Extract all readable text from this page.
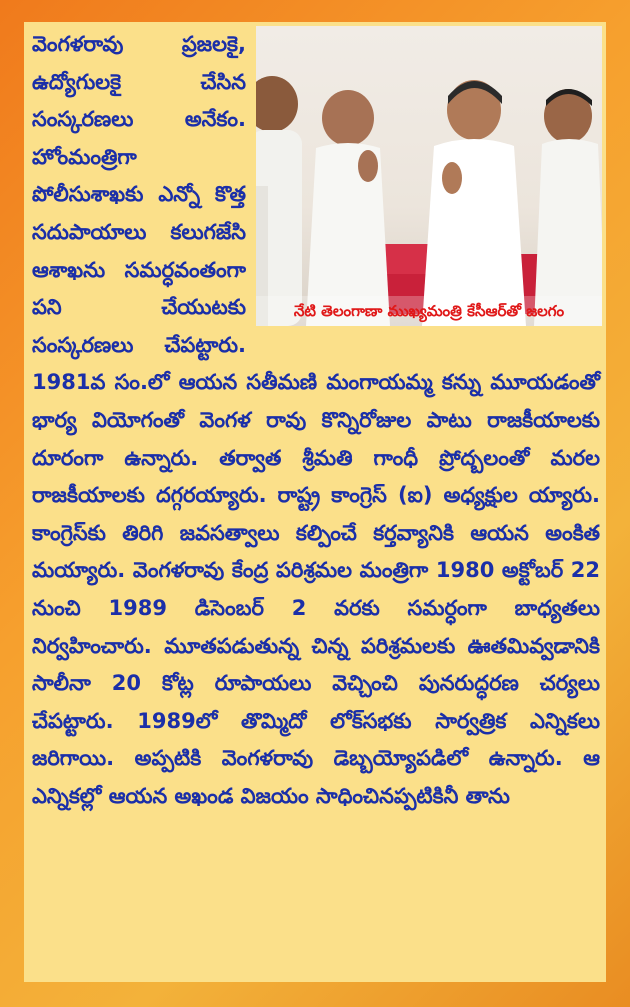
నేటి తెలంగాణా ముఖ్యమంత్రి కేసీఆర్‌తో జలగం

వెంగళరావు ప్రజలకై, ఉద్యోగులకై చేసిన సంస్కరణలు అనేకం. హోంమంత్రిగా పోలీసుశాఖకు ఎన్నో కొత్త సదుపాయాలు కలుగజేసి ఆశాఖను సమర్ధవంతంగా పని చేయుటకు సంస్కరణలు చేపట్టారు. 1981వ సం.లో ఆయన సతీమణి మంగాయమ్మ కన్ను మూయడంతో భార్య వియోగంతో వెంగళ రావు కొన్నిరోజుల పాటు రాజకీయాలకు దూరంగా ఉన్నారు. తర్వాత శ్రీమతి గాంధీ ప్రోద్బలంతో మరల రాజకీయాలకు దగ్గరయ్యారు. రాష్ట్ర కాంగ్రెస్ (ఐ) అధ్యక్షుల య్యారు. కాంగ్రెస్‌కు తిరిగి జవసత్వాలు కల్పించే కర్తవ్యానికి ఆయన అంకిత మయ్యారు. వెంగళరావు కేంద్ర పరిశ్రమల మంత్రిగా 1980 అక్టోబర్ 22 నుంచి 1989 డిసెంబర్ 2 వరకు సమర్ధంగా బాధ్యతలు నిర్వహించారు. మూతపడుతున్న చిన్న పరిశ్రమలకు ఊతమివ్వడానికి సాలీనా 20 కోట్ల రూపాయలు వెచ్చించి పునరుద్ధరణ చర్యలు చేపట్టారు. 1989లో తొమ్మిదో లోక్‌సభకు సార్వత్రిక ఎన్నికలు జరిగాయి. అప్పటికి వెంగళరావు డెబ్బయ్యోపడిలో ఉన్నారు. ఆ ఎన్నికల్లో ఆయన అఖండ విజయం సాధించినప్పటికినీ తాను
